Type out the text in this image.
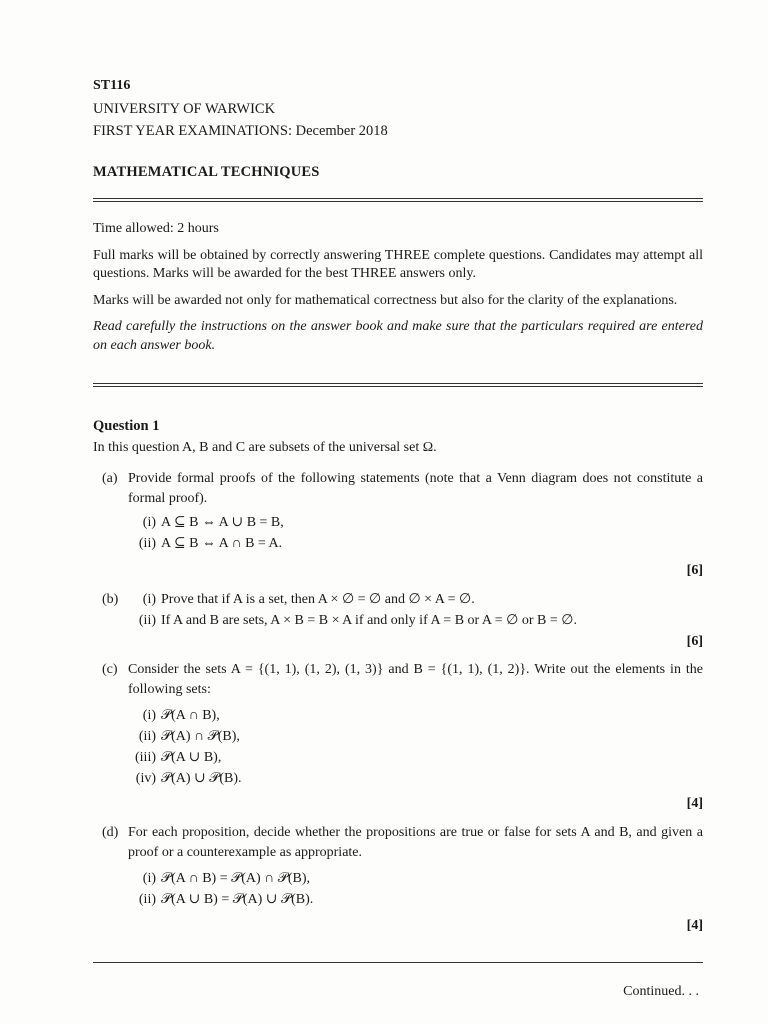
ST116
UNIVERSITY OF WARWICK
FIRST YEAR EXAMINATIONS: December 2018
MATHEMATICAL TECHNIQUES

Time allowed: 2 hours

Full marks will be obtained by correctly answering THREE complete questions. Candidates may attempt all questions. Marks will be awarded for the best THREE answers only.

Marks will be awarded not only for mathematical correctness but also for the clarity of the explanations.

Read carefully the instructions on the answer book and make sure that the particulars required are entered on each answer book.

Question 1
In this question A, B and C are subsets of the universal set Ω.
(a) Provide formal proofs of the following statements (note that a Venn diagram does not constitute a formal proof).
(i) A ⊆ B ⇔ A ∪ B = B,
(ii) A ⊆ B ⇔ A ∩ B = A.
[6]
(b) (i) Prove that if A is a set, then A × ∅ = ∅ and ∅ × A = ∅.
(ii) If A and B are sets, A × B = B × A if and only if A = B or A = ∅ or B = ∅.
[6]
(c) Consider the sets A = {(1, 1), (1, 2), (1, 3)} and B = {(1, 1), (1, 2)}. Write out the elements in the following sets:
(i) 𝒫(A ∩ B),
(ii) 𝒫(A) ∩ 𝒫(B),
(iii) 𝒫(A ∪ B),
(iv) 𝒫(A) ∪ 𝒫(B).
[4]
(d) For each proposition, decide whether the propositions are true or false for sets A and B, and given a proof or a counterexample as appropriate.
(i) 𝒫(A ∩ B) = 𝒫(A) ∩ 𝒫(B),
(ii) 𝒫(A ∪ B) = 𝒫(A) ∪ 𝒫(B).
[4]
Continued. . .
